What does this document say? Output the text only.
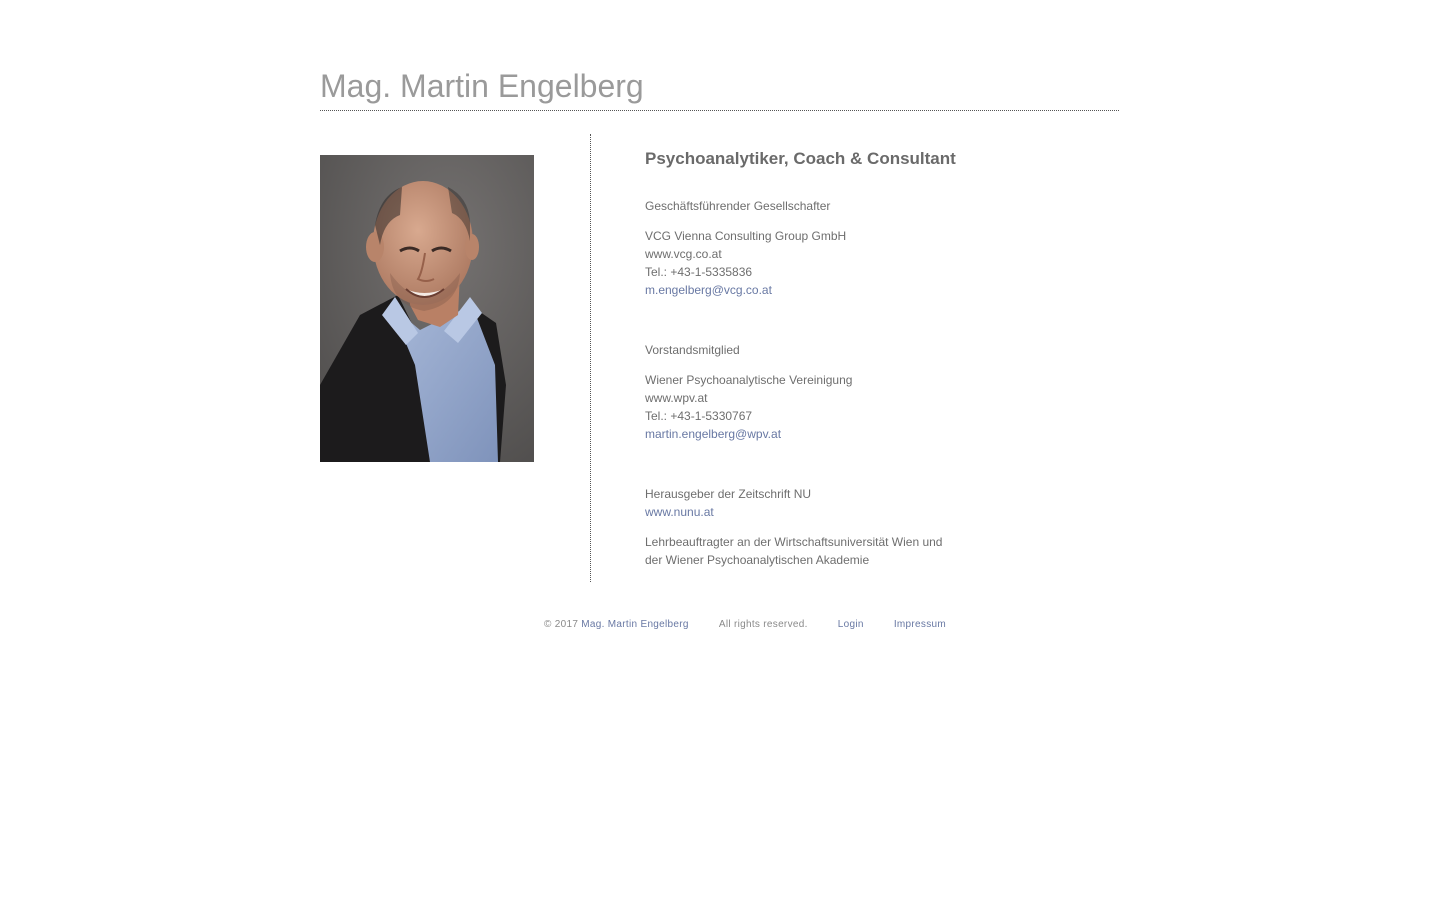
Mag. Martin Engelberg
Psychoanalytiker, Coach & Consultant

Geschäftsführender Gesellschafter

VCG Vienna Consulting Group GmbH
www.vcg.co.at
Tel.: +43-1-5335836
m.engelberg@vcg.co.at

Vorstandsmitglied

Wiener Psychoanalytische Vereinigung
www.wpv.at
Tel.: +43-1-5330767
martin.engelberg@wpv.at

Herausgeber der Zeitschrift NU
www.nunu.at

Lehrbeauftragter an der Wirtschaftsuniversität Wien und
der Wiener Psychoanalytischen Akademie

© 2017 Mag. Martin Engelberg	All rights reserved.	Login	Impressum
